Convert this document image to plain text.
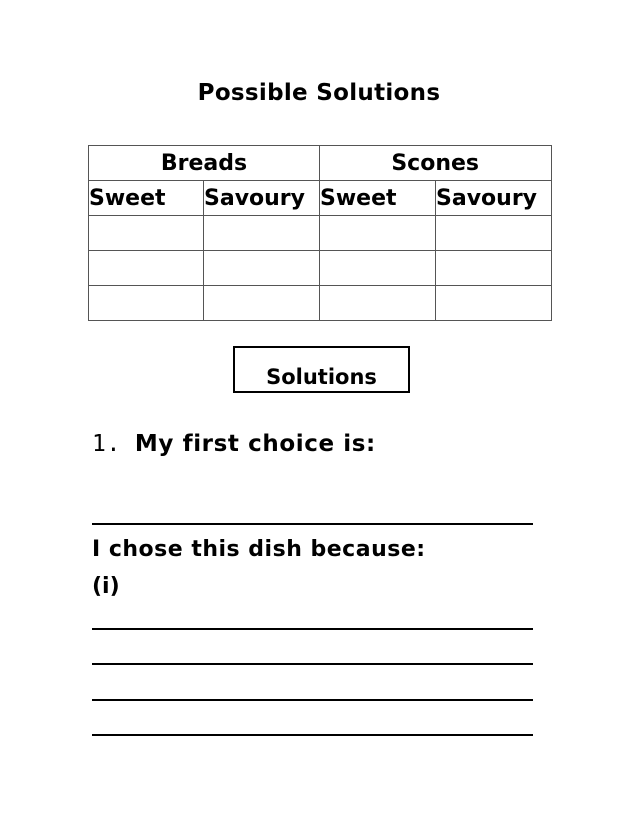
Possible Solutions
Breads		Scones	
Sweet	Savoury	Sweet	Savoury

Solutions
1. My first choice is:
I chose this dish because:
(i)
